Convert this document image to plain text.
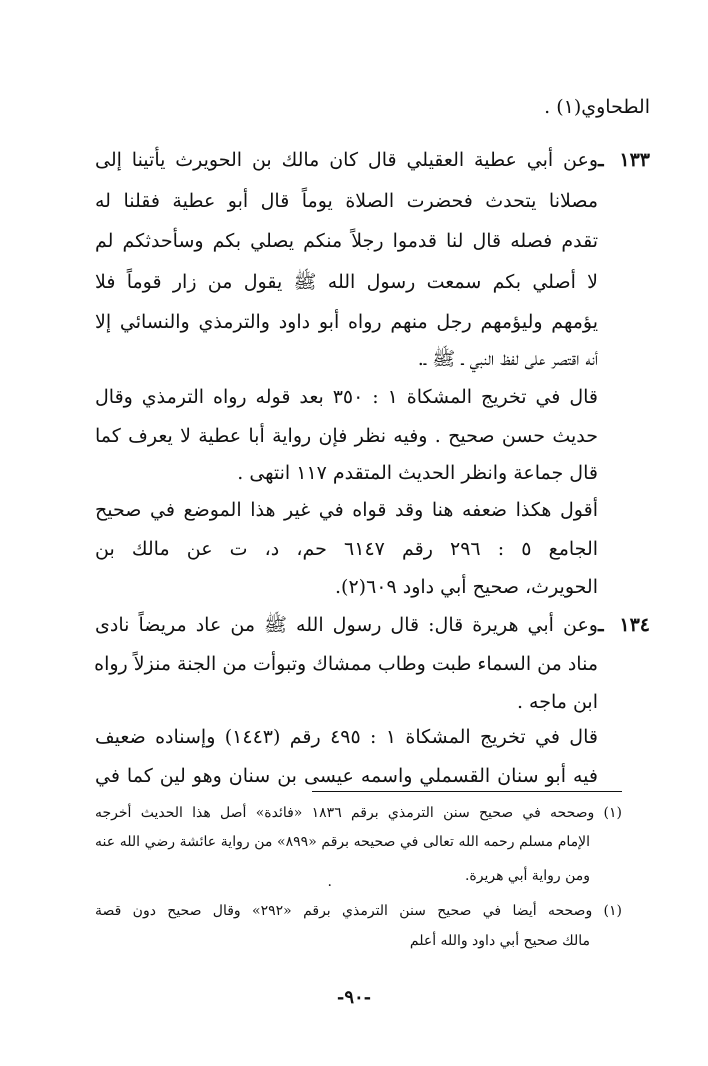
الطحاوي(١) .
١٣٣ ـوعن أبي عطية العقيلي قال كان مالك بن الحويرث يأتينا إلى
مصلانا يتحدث فحضرت الصلاة يوماً قال أبو عطية فقلنا له
تقدم فصله قال لنا قدموا رجلاً منكم يصلي بكم وسأحدثكم لم
لا أصلي بكم سمعت رسول الله ﷺ يقول من زار قوماً فلا
يؤمهم وليؤمهم رجل منهم رواه أبو داود والترمذي والنسائي إلا
أنه اقتصر على لفظ النبي ـ ﷺ ـ.
قال في تخريج المشكاة ١ : ٣٥٠ بعد قوله رواه الترمذي وقال
حديث حسن صحيح . وفيه نظر فإن رواية أبا عطية لا يعرف كما
قال جماعة وانظر الحديث المتقدم ١١٧ انتهى .
أقول هكذا ضعفه هنا وقد قواه في غير هذا الموضع في صحيح
الجامع ٥ : ٢٩٦ رقم ٦١٤٧ حم، د، ت عن مالك بن
الحويرث، صحيح أبي داود ٦٠٩(٢).
١٣٤ ـوعن أبي هريرة قال: قال رسول الله ﷺ من عاد مريضاً نادى
مناد من السماء طبت وطاب ممشاك وتبوأت من الجنة منزلاً رواه
ابن ماجه .
قال في تخريج المشكاة ١ : ٤٩٥ رقم (١٤٤٣) وإسناده ضعيف
فيه أبو سنان القسملي واسمه عيسى بن سنان وهو لين كما في
(١) وصححه في صحيح سنن الترمذي برقم ١٨٣٦ «فائدة» أصل هذا الحديث أخرجه
الإمام مسلم رحمه الله تعالى في صحيحه برقم «٨٩٩» من رواية عائشة رضي الله عنه
ومن رواية أبي هريرة.
.
(١) وصححه أيضا في صحيح سنن الترمذي برقم «٢٩٢» وقال صحيح دون قصة
مالك صحيح أبي داود والله أعلم
-٩٠-
